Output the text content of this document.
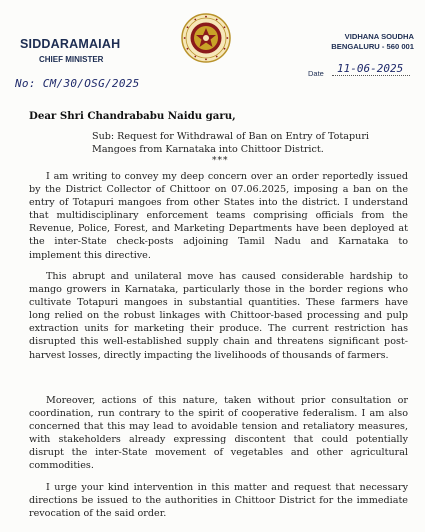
SIDDARAMAIAH
CHIEF MINISTER
VIDHANA SOUDHA
BENGALURU - 560 001
No: CM/30/OSG/2025
Date 11-06-2025
Dear Shri Chandrababu Naidu garu,
Sub: Request for Withdrawal of Ban on Entry of Totapuri Mangoes from Karnataka into Chittoor District.
***
I am writing to convey my deep concern over an order reportedly issued by the District Collector of Chittoor on 07.06.2025, imposing a ban on the entry of Totapuri mangoes from other States into the district. I understand that multidisciplinary enforcement teams comprising officials from the Revenue, Police, Forest, and Marketing Departments have been deployed at the inter-State check-posts adjoining Tamil Nadu and Karnataka to implement this directive.
This abrupt and unilateral move has caused considerable hardship to mango growers in Karnataka, particularly those in the border regions who cultivate Totapuri mangoes in substantial quantities. These farmers have long relied on the robust linkages with Chittoor-based processing and pulp extraction units for marketing their produce. The current restriction has disrupted this well-established supply chain and threatens significant post-harvest losses, directly impacting the livelihoods of thousands of farmers.
Moreover, actions of this nature, taken without prior consultation or coordination, run contrary to the spirit of cooperative federalism. I am also concerned that this may lead to avoidable tension and retaliatory measures, with stakeholders already expressing discontent that could potentially disrupt the inter-State movement of vegetables and other agricultural commodities.
I urge your kind intervention in this matter and request that necessary directions be issued to the authorities in Chittoor District for the immediate revocation of the said order.
